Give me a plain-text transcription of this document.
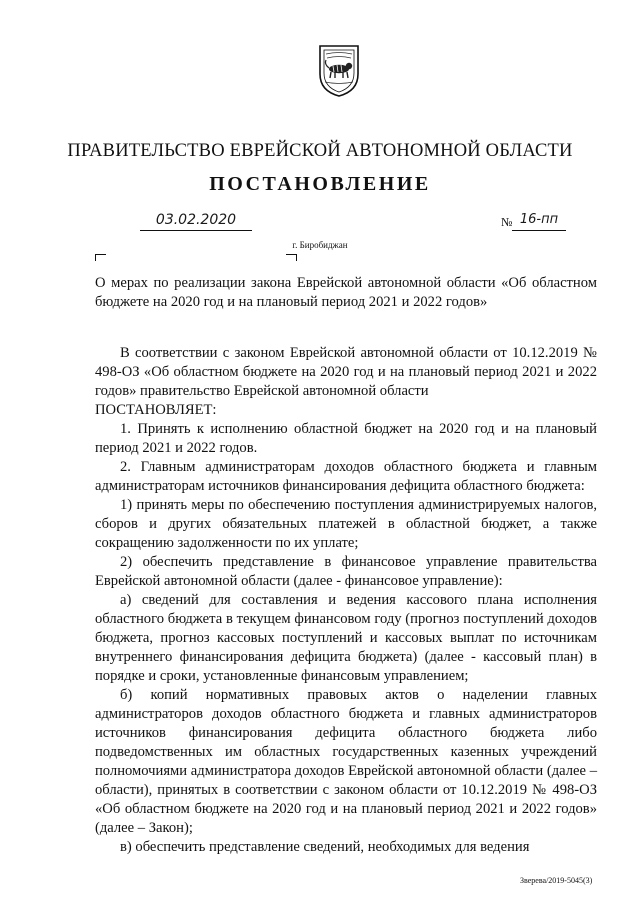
ПРАВИТЕЛЬСТВО ЕВРЕЙСКОЙ АВТОНОМНОЙ ОБЛАСТИ
ПОСТАНОВЛЕНИЕ
03.02.2020	№ 16-пп
г. Биробиджан
О мерах по реализации закона Еврейской автономной области «Об областном бюджете на 2020 год и на плановый период 2021 и 2022 годов»

В соответствии с законом Еврейской автономной области от 10.12.2019 № 498-ОЗ «Об областном бюджете на 2020 год и на плановый период 2021 и 2022 годов» правительство Еврейской автономной области

ПОСТАНОВЛЯЕТ:

1. Принять к исполнению областной бюджет на 2020 год и на плановый период 2021 и 2022 годов.

2. Главным администраторам доходов областного бюджета и главным администраторам источников финансирования дефицита областного бюджета:

1) принять меры по обеспечению поступления администрируемых налогов, сборов и других обязательных платежей в областной бюджет, а также сокращению задолженности по их уплате;

2) обеспечить представление в финансовое управление правительства Еврейской автономной области (далее - финансовое управление):

а) сведений для составления и ведения кассового плана исполнения областного бюджета в текущем финансовом году (прогноз поступлений доходов бюджета, прогноз кассовых поступлений и кассовых выплат по источникам внутреннего финансирования дефицита бюджета) (далее - кассовый план) в порядке и сроки, установленные финансовым управлением;

б) копий нормативных правовых актов о наделении главных администраторов доходов областного бюджета и главных администраторов источников финансирования дефицита областного бюджета либо подведомственных им областных государственных казенных учреждений полномочиями администратора доходов Еврейской автономной области (далее – области), принятых в соответствии с законом области от 10.12.2019 № 498-ОЗ «Об областном бюджете на 2020 год и на плановый период 2021 и 2022 годов» (далее – Закон);

в) обеспечить представление сведений, необходимых для ведения

Зверева/2019-5045(3)
